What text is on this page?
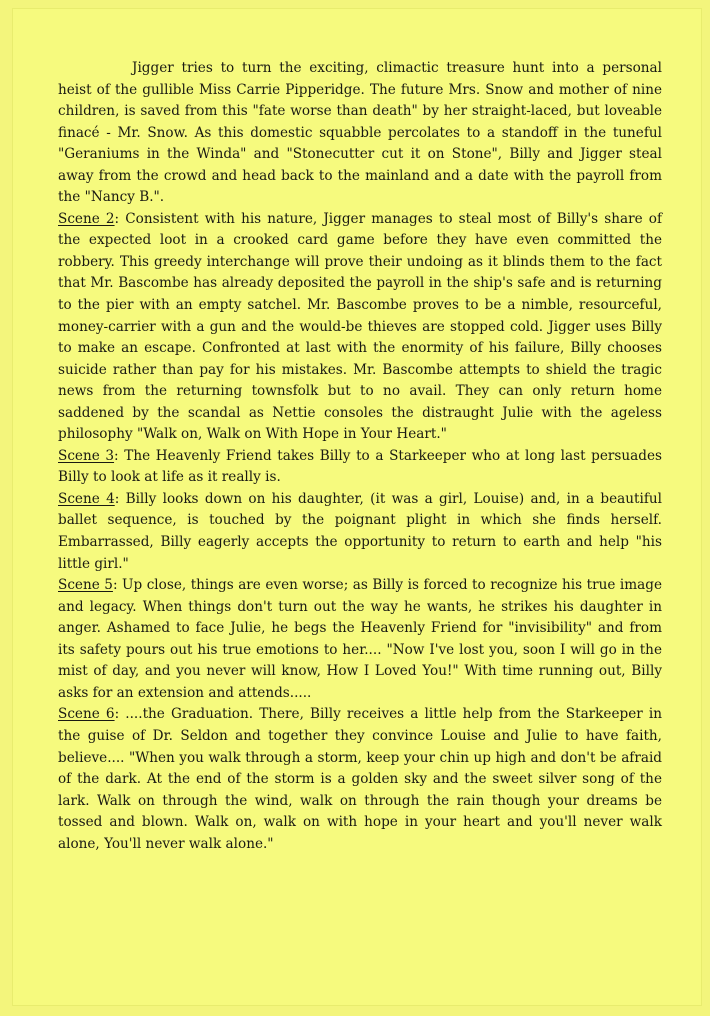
Jigger tries to turn the exciting, climactic treasure hunt into a personal heist of the gullible Miss Carrie Pipperidge. The future Mrs. Snow and mother of nine children, is saved from this "fate worse than death" by her straight-laced, but loveable finacé - Mr. Snow. As this domestic squabble percolates to a standoff in the tuneful "Geraniums in the Winda" and "Stonecutter cut it on Stone", Billy and Jigger steal away from the crowd and head back to the mainland and a date with the payroll from the "Nancy B.".

Scene 2: Consistent with his nature, Jigger manages to steal most of Billy's share of the expected loot in a crooked card game before they have even committed the robbery. This greedy interchange will prove their undoing as it blinds them to the fact that Mr. Bascombe has already deposited the payroll in the ship's safe and is returning to the pier with an empty satchel. Mr. Bascombe proves to be a nimble, resourceful, money-carrier with a gun and the would-be thieves are stopped cold. Jigger uses Billy to make an escape. Confronted at last with the enormity of his failure, Billy chooses suicide rather than pay for his mistakes. Mr. Bascombe attempts to shield the tragic news from the returning townsfolk but to no avail. They can only return home saddened by the scandal as Nettie consoles the distraught Julie with the ageless philosophy "Walk on, Walk on With Hope in Your Heart."

Scene 3: The Heavenly Friend takes Billy to a Starkeeper who at long last persuades Billy to look at life as it really is.

Scene 4: Billy looks down on his daughter, (it was a girl, Louise) and, in a beautiful ballet sequence, is touched by the poignant plight in which she finds herself. Embarrassed, Billy eagerly accepts the opportunity to return to earth and help "his little girl."

Scene 5: Up close, things are even worse; as Billy is forced to recognize his true image and legacy. When things don't turn out the way he wants, he strikes his daughter in anger. Ashamed to face Julie, he begs the Heavenly Friend for "invisibility" and from its safety pours out his true emotions to her.... "Now I've lost you, soon I will go in the mist of day, and you never will know, How I Loved You!" With time running out, Billy asks for an extension and attends.....

Scene 6: ....the Graduation. There, Billy receives a little help from the Starkeeper in the guise of Dr. Seldon and together they convince Louise and Julie to have faith, believe.... "When you walk through a storm, keep your chin up high and don't be afraid of the dark. At the end of the storm is a golden sky and the sweet silver song of the lark. Walk on through the wind, walk on through the rain though your dreams be tossed and blown. Walk on, walk on with hope in your heart and you'll never walk alone, You'll never walk alone."
